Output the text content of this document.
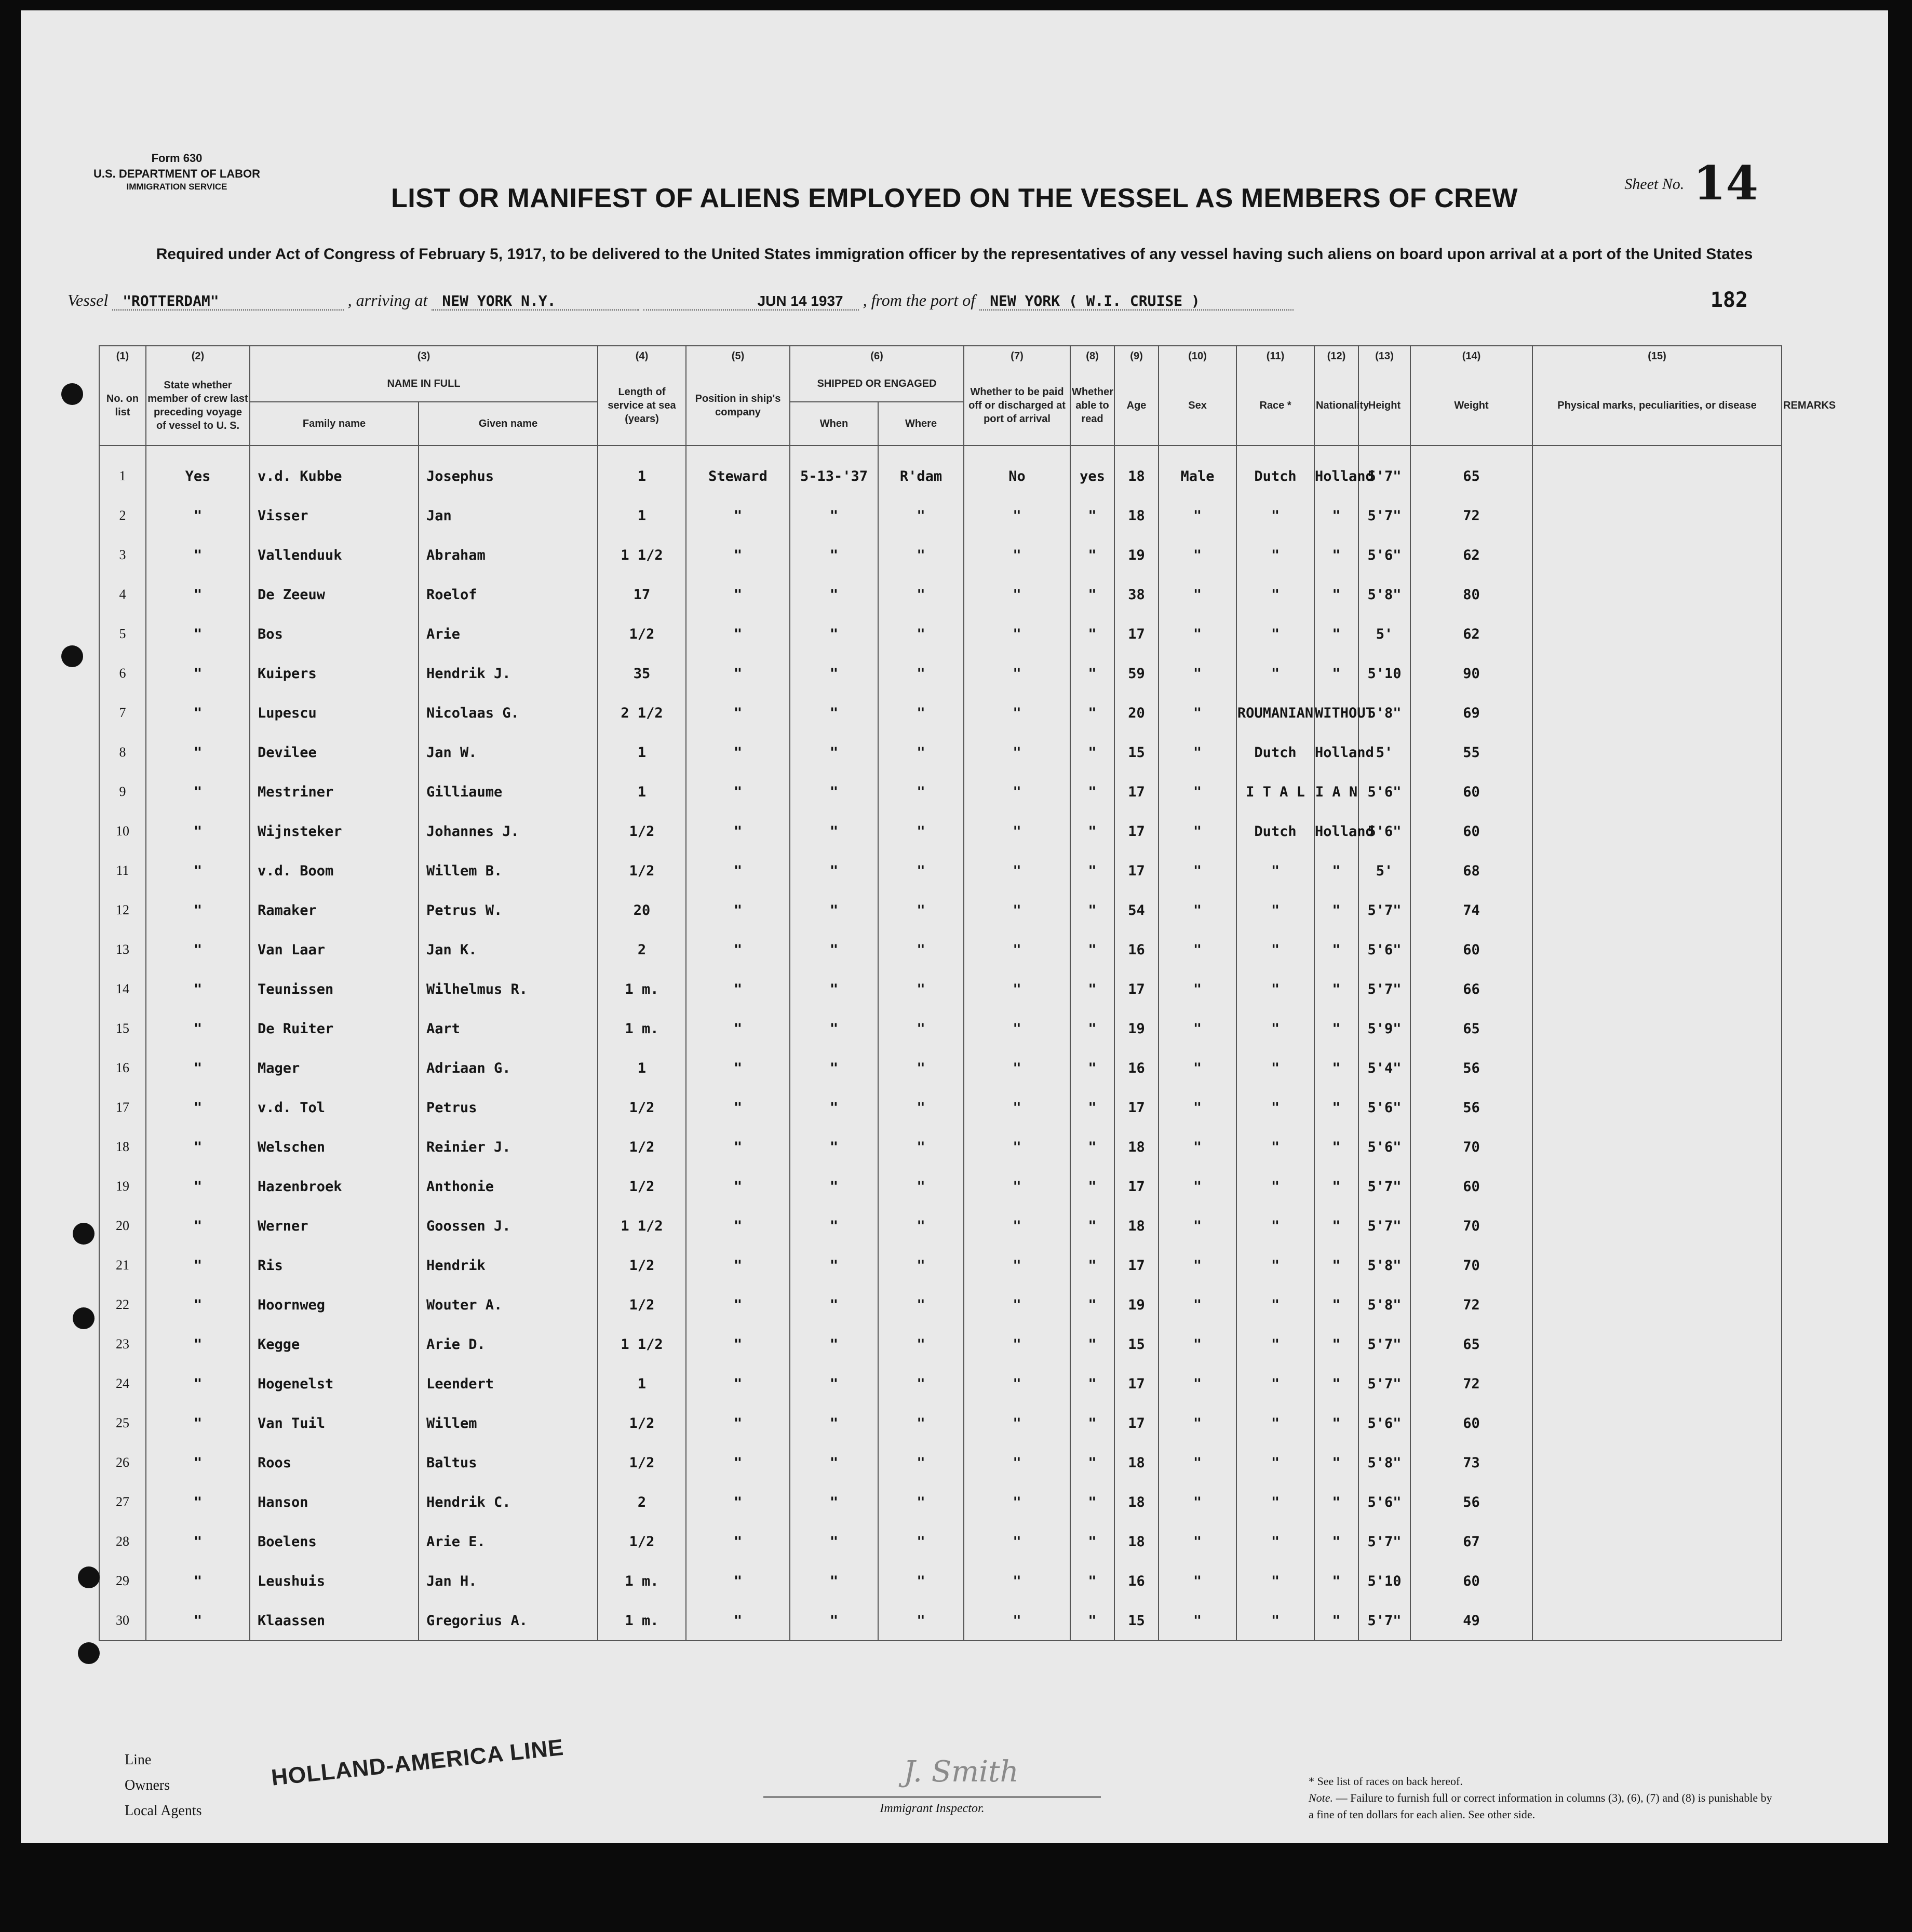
Form 630
U.S. DEPARTMENT OF LABOR
IMMIGRATION SERVICE	Sheet No. 14
LIST OR MANIFEST OF ALIENS EMPLOYED ON THE VESSEL AS MEMBERS OF CREW
Required under Act of Congress of February 5, 1917, to be delivered to the United States immigration officer by the representatives of any vessel having such aliens on board upon arrival at a port of the United States
Vessel "ROTTERDAM"	, arriving at NEW YORK N.Y.	JUN 14 1937 , from the port of NEW YORK ( W.I. CRUISE )	182
(1)	(2)	(3)		(4)	(5)	(6)		(7)	(8)	(9)	(10)	(11)	(12)	(13)	(14)	(15)	
No. on list	State whether member of crew last preceding voyage of vessel to U. S.	NAME IN FULL		Length of service at sea (years)	Position in ship's company	SHIPPED OR ENGAGED		Whether to be paid off or discharged at port of arrival	Whether able to read	Age	Sex	Race *	Nationality	Height	Weight	Physical marks, peculiarities, or disease	REMARKS
		Family name	Given name			When	Where										
1	Yes	v.d. Kubbe	Josephus	1	Steward	5-13-'37	R'dam	No	yes	18	Male	Dutch	Holland	5'7"	65		
2	"	Visser	Jan	1	"	"	"	"	"	18	"	"	"	5'7"	72		
3	"	Vallenduuk	Abraham	1 1/2	"	"	"	"	"	19	"	"	"	5'6"	62		
4	"	De Zeeuw	Roelof	17	"	"	"	"	"	38	"	"	"	5'8"	80		
5	"	Bos	Arie	1/2	"	"	"	"	"	17	"	"	"	5'	62		
6	"	Kuipers	Hendrik J.	35	"	"	"	"	"	59	"	"	"	5'10	90		
7	"	Lupescu	Nicolaas G.	2 1/2	"	"	"	"	"	20	"	ROUMANIAN	WITHOUT	5'8"	69		
8	"	Devilee	Jan W.	1	"	"	"	"	"	15	"	Dutch	Holland	5'	55		
9	"	Mestriner	Gilliaume	1	"	"	"	"	"	17	"	I T A L	I A N	5'6"	60		
10	"	Wijnsteker	Johannes J.	1/2	"	"	"	"	"	17	"	Dutch	Holland	5'6"	60		
11	"	v.d. Boom	Willem B.	1/2	"	"	"	"	"	17	"	"	"	5'	68		
12	"	Ramaker	Petrus W.	20	"	"	"	"	"	54	"	"	"	5'7"	74		
13	"	Van Laar	Jan K.	2	"	"	"	"	"	16	"	"	"	5'6"	60		
14	"	Teunissen	Wilhelmus R.	1 m.	"	"	"	"	"	17	"	"	"	5'7"	66		
15	"	De Ruiter	Aart	1 m.	"	"	"	"	"	19	"	"	"	5'9"	65		
16	"	Mager	Adriaan G.	1	"	"	"	"	"	16	"	"	"	5'4"	56		
17	"	v.d. Tol	Petrus	1/2	"	"	"	"	"	17	"	"	"	5'6"	56		
18	"	Welschen	Reinier J.	1/2	"	"	"	"	"	18	"	"	"	5'6"	70		
19	"	Hazenbroek	Anthonie	1/2	"	"	"	"	"	17	"	"	"	5'7"	60		
20	"	Werner	Goossen J.	1 1/2	"	"	"	"	"	18	"	"	"	5'7"	70		
21	"	Ris	Hendrik	1/2	"	"	"	"	"	17	"	"	"	5'8"	70		
22	"	Hoornweg	Wouter A.	1/2	"	"	"	"	"	19	"	"	"	5'8"	72		
23	"	Kegge	Arie D.	1 1/2	"	"	"	"	"	15	"	"	"	5'7"	65		
24	"	Hogenelst	Leendert	1	"	"	"	"	"	17	"	"	"	5'7"	72		
25	"	Van Tuil	Willem	1/2	"	"	"	"	"	17	"	"	"	5'6"	60		
26	"	Roos	Baltus	1/2	"	"	"	"	"	18	"	"	"	5'8"	73		
27	"	Hanson	Hendrik C.	2	"	"	"	"	"	18	"	"	"	5'6"	56		
28	"	Boelens	Arie E.	1/2	"	"	"	"	"	18	"	"	"	5'7"	67		
29	"	Leushuis	Jan H.	1 m.	"	"	"	"	"	16	"	"	"	5'10	60		
30	"	Klaassen	Gregorius A.	1 m.	"	"	"	"	"	15	"	"	"	5'7"	49		
Line
Owners
Local Agents
HOLLAND-AMERICA LINE	J. Smith
Immigrant Inspector.
* See list of races on back hereof.
Note. — Failure to furnish full or correct information in columns (3), (6), (7) and (8) is punishable by a fine of ten dollars for each alien. See other side.
